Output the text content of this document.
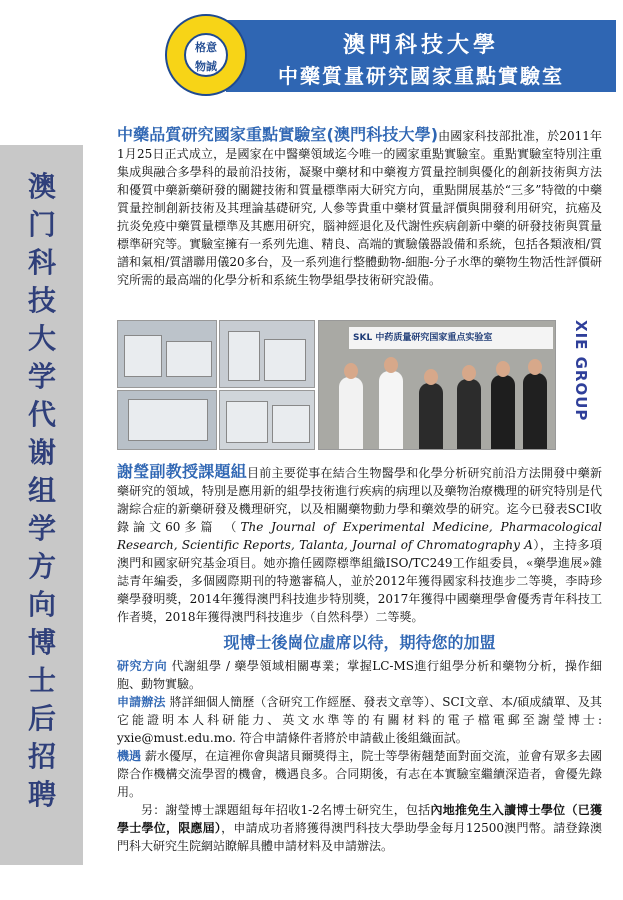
澳門科技大學
中藥質量研究國家重點實驗室
格意
物誠
澳门科技大学代谢组学方向博士后招聘
中藥品質研究國家重點實驗室(澳門科技大學)由國家科技部批准，於2011年1月25日正式成立，是國家在中醫藥領域迄今唯一的國家重點實驗室。重點實驗室特別注重集成與融合多學科的最前沿技術，凝聚中藥材和中藥複方質量控制與優化的創新技術與方法和優質中藥新藥研發的關鍵技術和質量標準兩大研究方向，重點開展基於“三多”特徵的中藥質量控制創新技術及其理論基礎研究, 人參等貴重中藥材質量評價與開發利用研究，抗癌及抗炎免疫中藥質量標準及其應用研究，腦神經退化及代謝性疾病創新中藥的研發技術與質量標準研究等。實驗室擁有一系列先進、精良、高端的實驗儀器設備和系統，包括各類液相/質譜和氣相/質譜聯用儀20多台，及一系列進行整體動物-細胞-分子水準的藥物生物活性評價研究所需的最高端的化學分析和系統生物學組學技術研究設備。
SKL 中药质量研究国家重点实验室	XIE GROUP
謝瑩副教授課題組目前主要從事在結合生物醫學和化學分析研究前沿方法開發中藥新藥研究的領域，特別是應用新的組學技術進行疾病的病理以及藥物治療機理的研究特別是代謝綜合症的新藥研發及機理研究，以及相關藥物動力學和藥效學的研究。迄今已發表SCI收錄論文60多篇 （The Journal of Experimental Medicine, Pharmacological Research, Scientific Reports, Talanta, Journal of Chromatography A），主持多項澳門和國家研究基金項目。她亦擔任國際標準組織ISO/TC249工作組委員，«藥學進展»雜誌青年編委，多個國際期刊的特邀審稿人，並於2012年獲得國家科技進步二等獎，李時珍藥學發明獎，2014年獲得澳門科技進步特別獎，2017年獲得中國藥理學會優秀青年科技工作者獎，2018年獲得澳門科技進步（自然科學）二等獎。
现博士後崗位虛席以待，期待您的加盟

研究方向 代謝組學 / 藥學領域相關專業；掌握LC-MS進行組學分析和藥物分析，操作細胞、動物實驗。

申請辦法 將詳細個人簡歷（含研究工作經歷、發表文章等）、SCI文章、本/碩成績單、及其它能證明本人科研能力、英文水準等的有關材料的電子檔電郵至謝瑩博士: yxie@must.edu.mo. 符合申請條件者將於申請截止後組織面試。

機遇 薪水優厚，在這裡你會與諸貝爾獎得主，院士等學術翹楚面對面交流，並會有眾多去國際合作機構交流學習的機會，機遇良多。合同期後，有志在本實驗室繼續深造者，會優先錄用。

另：謝瑩博士課題組每年招收1-2名博士研究生，包括內地推免生入讀博士學位（已獲學士學位，限應屆），申請成功者將獲得澳門科技大學助學金每月12500澳門幣。請登錄澳門科大研究生院網站瞭解具體申請材料及申請辦法。
